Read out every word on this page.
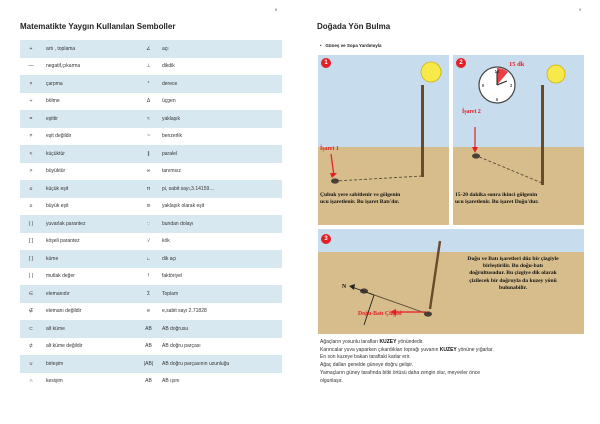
8
Matematikte Yaygın Kullanılan Semboller
+	artı , toplama	∠	açı
—	negatif,çıkarma	⊥	dikdik
×	çarpma	°	derece
÷	bölme	Δ	üçgen
=	eşittir	≈	yaklaşık
≠	eşit değildir	~	benzerlik
<	küçüktür	∥	paralel
>	büyüktür	∞	tanımsız
≤	küçük eşit	π	pi, sabit sayı,3.14159…
≥	büyük eşit	≅	yaklaşık olarak eşit
( )	yuvarlak parantez	∵	bundan dolayı
[ ]	köşeli parantez	√	kök
{ }	küme	∟	dik açı
| |	mutlak değer	!	faktöriyel
∈	elemanıdır	Σ	Toplam
∉	elemanı değildir	e	e,sabit sayı 2.71828
⊂	alt küme	AB	AB doğrusu
⊄	alt küme değildir	AB	AB doğru parçası
∪	birleşim	|AB|	AB doğru parçasının uzunluğu
∩	kesişim	AB	AB ışını
9
Doğada Yön Bulma
•   Güneş ve Sopa Yardımıyla
1
İşaret 1
Çubuk yere sabitlenir ve gölgenin
ucu işaretlenir. Bu işaret Batı'dır.
12
3
6
9
2	15 dk
İşaret 2
15-20 dakika sonra ikinci gölgenin
ucu işaretlenir. Bu işaret Doğu'dur.
3
N
Doğu-Batı Çizgisi
Doğu ve Batı işaretleri düz bir çizgiyle
birleştirilir. Bu doğu-batı
doğrultusudur. Bu çizgiye dik olarak
çizilecek bir doğruyla da kuzey yönü
bulunabilir.

Ağaçların yosunlu tarafları KUZEY yönündedir.

Karıncalar yuva yaparken çıkardıkları toprağı yuvanın KUZEY yönüne yığarlar.

En son kuzeye bakan taraftaki karlar erir.

Ağaç dalları genelde güneye doğru gelişir.

Yamaçların güney tarafında bitki örtüsü daha zengin olur, meyveler önce

olgunlaşır.
